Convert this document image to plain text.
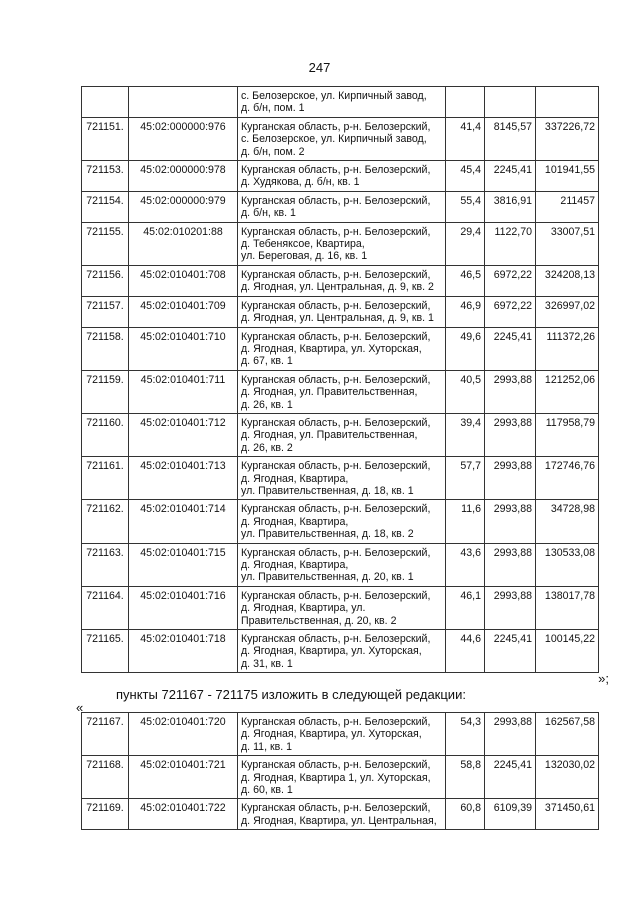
247

		с. Белозерское, ул. Кирпичный завод,
д. б/н, пом. 1			

721151.	45:02:000000:976	Курганская область, р-н. Белозерский,
с. Белозерское, ул. Кирпичный завод,
д. б/н, пом. 2	41,4	8145,57	337226,72
721153.	45:02:000000:978	Курганская область, р-н. Белозерский,
д. Худякова, д. б/н, кв. 1	45,4	2245,41	101941,55
721154.	45:02:000000:979	Курганская область, р-н. Белозерский,
д. б/н, кв. 1	55,4	3816,91	211457
721155.	45:02:010201:88	Курганская область, р-н. Белозерский,
д. Тебеняксое, Квартира,
ул. Береговая, д. 16, кв. 1	29,4	1122,70	33007,51
721156.	45:02:010401:708	Курганская область, р-н. Белозерский,
д. Ягодная, ул. Центральная, д. 9, кв. 2	46,5	6972,22	324208,13
721157.	45:02:010401:709	Курганская область, р-н. Белозерский,
д. Ягодная, ул. Центральная, д. 9, кв. 1	46,9	6972,22	326997,02
721158.	45:02:010401:710	Курганская область, р-н. Белозерский,
д. Ягодная, Квартира, ул. Хуторская,
д. 67, кв. 1	49,6	2245,41	111372,26
721159.	45:02:010401:711	Курганская область, р-н. Белозерский,
д. Ягодная, ул. Правительственная,
д. 26, кв. 1	40,5	2993,88	121252,06
721160.	45:02:010401:712	Курганская область, р-н. Белозерский,
д. Ягодная, ул. Правительственная,
д. 26, кв. 2	39,4	2993,88	117958,79
721161.	45:02:010401:713	Курганская область, р-н. Белозерский,
д. Ягодная, Квартира,
ул. Правительственная, д. 18, кв. 1	57,7	2993,88	172746,76
721162.	45:02:010401:714	Курганская область, р-н. Белозерский,
д. Ягодная, Квартира,
ул. Правительственная, д. 18, кв. 2	11,6	2993,88	34728,98
721163.	45:02:010401:715	Курганская область, р-н. Белозерский,
д. Ягодная, Квартира,
ул. Правительственная, д. 20, кв. 1	43,6	2993,88	130533,08
721164.	45:02:010401:716	Курганская область, р-н. Белозерский,
д. Ягодная, Квартира, ул.
Правительственная, д. 20, кв. 2	46,1	2993,88	138017,78
721165.	45:02:010401:718	Курганская область, р-н. Белозерский,
д. Ягодная, Квартира, ул. Хуторская,
д. 31, кв. 1	44,6	2245,41	100145,22
»;
пункты 721167 - 721175 изложить в следующей редакции:
«
721167.	45:02:010401:720	Курганская область, р-н. Белозерский,
д. Ягодная, Квартира, ул. Хуторская,
д. 11, кв. 1	54,3	2993,88	162567,58
721168.	45:02:010401:721	Курганская область, р-н. Белозерский,
д. Ягодная, Квартира 1, ул. Хуторская,
д. 60, кв. 1	58,8	2245,41	132030,02
721169.	45:02:010401:722	Курганская область, р-н. Белозерский,
д. Ягодная, Квартира, ул. Центральная,	60,8	6109,39	371450,61
